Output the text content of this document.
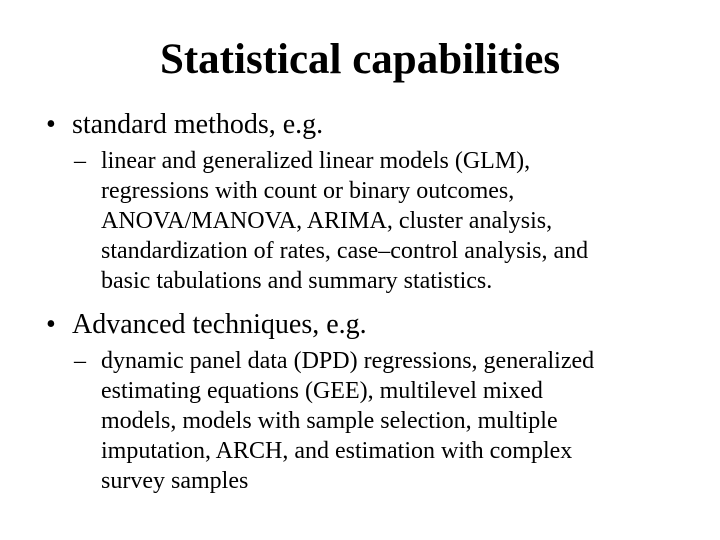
Statistical capabilities
• standard methods, e.g.
– linear and generalized linear models (GLM),
regressions with count or binary outcomes,
ANOVA/MANOVA, ARIMA, cluster analysis,
standardization of rates, case–control analysis, and
basic tabulations and summary statistics.
• Advanced techniques, e.g.
– dynamic panel data (DPD) regressions, generalized
estimating equations (GEE), multilevel mixed
models, models with sample selection, multiple
imputation, ARCH, and estimation with complex
survey samples
